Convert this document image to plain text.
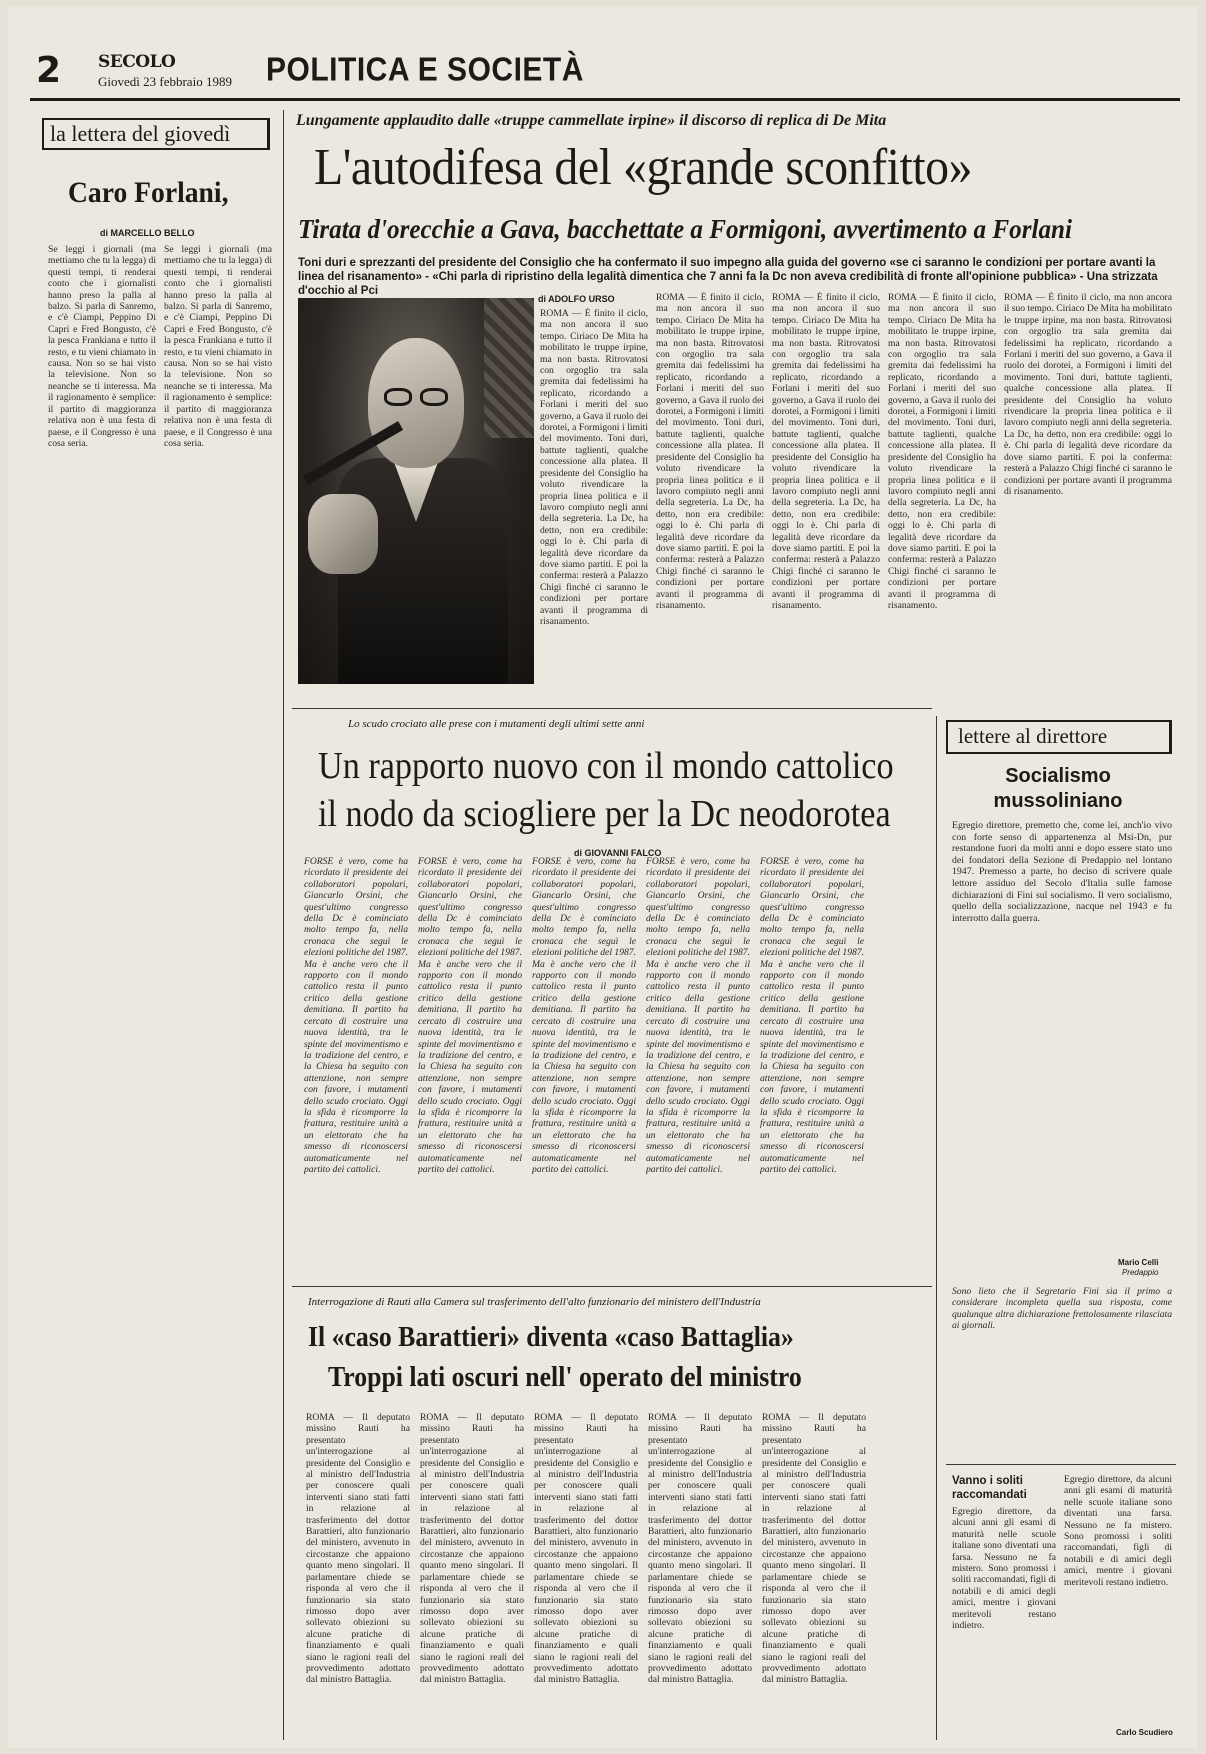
2 SECOLO
Giovedì 23 febbraio 1989 POLITICA E SOCIETÀ
la lettera del giovedì
Caro Forlani,
di MARCELLO BELLO
Se leggi i giornali (ma mettiamo che tu la legga) di questi tempi, ti renderai conto che i giornalisti hanno preso la palla al balzo. Si parla di Sanremo, e c'è Ciampi, Peppino Di Capri e Fred Bongusto, c'è la pesca Frankiana e tutto il resto, e tu vieni chiamato in causa. Non so se hai visto la televisione. Non so neanche se ti interessa. Ma il ragionamento è semplice: il partito di maggioranza relativa non è una festa di paese, e il Congresso è una cosa seria.
Se leggi i giornali (ma mettiamo che tu la legga) di questi tempi, ti renderai conto che i giornalisti hanno preso la palla al balzo. Si parla di Sanremo, e c'è Ciampi, Peppino Di Capri e Fred Bongusto, c'è la pesca Frankiana e tutto il resto, e tu vieni chiamato in causa. Non so se hai visto la televisione. Non so neanche se ti interessa. Ma il ragionamento è semplice: il partito di maggioranza relativa non è una festa di paese, e il Congresso è una cosa seria.
Lungamente applaudito dalle «truppe cammellate irpine» il discorso di replica di De Mita
L'autodifesa del «grande sconfitto»
Tirata d'orecchie a Gava, bacchettate a Formigoni, avvertimento a Forlani
Toni duri e sprezzanti del presidente del Consiglio che ha confermato il suo impegno alla guida del governo «se ci saranno le condizioni per portare avanti la linea del risanamento» - «Chi parla di ripristino della legalità dimentica che 7 anni fa la Dc non aveva credibilità di fronte all'opinione pubblica» - Una strizzata d'occhio al Pci
di ADOLFO URSO
ROMA — È finito il ciclo, ma non ancora il suo tempo. Ciriaco De Mita ha mobilitato le truppe irpine, ma non basta. Ritrovatosi con orgoglio tra sala gremita dai fedelissimi ha replicato, ricordando a Forlani i meriti del suo governo, a Gava il ruolo dei dorotei, a Formigoni i limiti del movimento. Toni duri, battute taglienti, qualche concessione alla platea. Il presidente del Consiglio ha voluto rivendicare la propria linea politica e il lavoro compiuto negli anni della segreteria. La Dc, ha detto, non era credibile: oggi lo è. Chi parla di legalità deve ricordare da dove siamo partiti. E poi la conferma: resterà a Palazzo Chigi finché ci saranno le condizioni per portare avanti il programma di risanamento.
ROMA — È finito il ciclo, ma non ancora il suo tempo. Ciriaco De Mita ha mobilitato le truppe irpine, ma non basta. Ritrovatosi con orgoglio tra sala gremita dai fedelissimi ha replicato, ricordando a Forlani i meriti del suo governo, a Gava il ruolo dei dorotei, a Formigoni i limiti del movimento. Toni duri, battute taglienti, qualche concessione alla platea. Il presidente del Consiglio ha voluto rivendicare la propria linea politica e il lavoro compiuto negli anni della segreteria. La Dc, ha detto, non era credibile: oggi lo è. Chi parla di legalità deve ricordare da dove siamo partiti. E poi la conferma: resterà a Palazzo Chigi finché ci saranno le condizioni per portare avanti il programma di risanamento.
ROMA — È finito il ciclo, ma non ancora il suo tempo. Ciriaco De Mita ha mobilitato le truppe irpine, ma non basta. Ritrovatosi con orgoglio tra sala gremita dai fedelissimi ha replicato, ricordando a Forlani i meriti del suo governo, a Gava il ruolo dei dorotei, a Formigoni i limiti del movimento. Toni duri, battute taglienti, qualche concessione alla platea. Il presidente del Consiglio ha voluto rivendicare la propria linea politica e il lavoro compiuto negli anni della segreteria. La Dc, ha detto, non era credibile: oggi lo è. Chi parla di legalità deve ricordare da dove siamo partiti. E poi la conferma: resterà a Palazzo Chigi finché ci saranno le condizioni per portare avanti il programma di risanamento.
ROMA — È finito il ciclo, ma non ancora il suo tempo. Ciriaco De Mita ha mobilitato le truppe irpine, ma non basta. Ritrovatosi con orgoglio tra sala gremita dai fedelissimi ha replicato, ricordando a Forlani i meriti del suo governo, a Gava il ruolo dei dorotei, a Formigoni i limiti del movimento. Toni duri, battute taglienti, qualche concessione alla platea. Il presidente del Consiglio ha voluto rivendicare la propria linea politica e il lavoro compiuto negli anni della segreteria. La Dc, ha detto, non era credibile: oggi lo è. Chi parla di legalità deve ricordare da dove siamo partiti. E poi la conferma: resterà a Palazzo Chigi finché ci saranno le condizioni per portare avanti il programma di risanamento.
ROMA — È finito il ciclo, ma non ancora il suo tempo. Ciriaco De Mita ha mobilitato le truppe irpine, ma non basta. Ritrovatosi con orgoglio tra sala gremita dai fedelissimi ha replicato, ricordando a Forlani i meriti del suo governo, a Gava il ruolo dei dorotei, a Formigoni i limiti del movimento. Toni duri, battute taglienti, qualche concessione alla platea. Il presidente del Consiglio ha voluto rivendicare la propria linea politica e il lavoro compiuto negli anni della segreteria. La Dc, ha detto, non era credibile: oggi lo è. Chi parla di legalità deve ricordare da dove siamo partiti. E poi la conferma: resterà a Palazzo Chigi finché ci saranno le condizioni per portare avanti il programma di risanamento.
Lo scudo crociato alle prese con i mutamenti degli ultimi sette anni
Un rapporto nuovo con il mondo cattolico
il nodo da sciogliere per la Dc neodorotea
di GIOVANNI FALCO
FORSE è vero, come ha ricordato il presidente dei collaboratori popolari, Giancarlo Orsini, che quest'ultimo congresso della Dc è cominciato molto tempo fa, nella cronaca che seguì le elezioni politiche del 1987. Ma è anche vero che il rapporto con il mondo cattolico resta il punto critico della gestione demitiana. Il partito ha cercato di costruire una nuova identità, tra le spinte del movimentismo e la tradizione del centro, e la Chiesa ha seguito con attenzione, non sempre con favore, i mutamenti dello scudo crociato. Oggi la sfida è ricomporre la frattura, restituire unità a un elettorato che ha smesso di riconoscersi automaticamente nel partito dei cattolici.
FORSE è vero, come ha ricordato il presidente dei collaboratori popolari, Giancarlo Orsini, che quest'ultimo congresso della Dc è cominciato molto tempo fa, nella cronaca che seguì le elezioni politiche del 1987. Ma è anche vero che il rapporto con il mondo cattolico resta il punto critico della gestione demitiana. Il partito ha cercato di costruire una nuova identità, tra le spinte del movimentismo e la tradizione del centro, e la Chiesa ha seguito con attenzione, non sempre con favore, i mutamenti dello scudo crociato. Oggi la sfida è ricomporre la frattura, restituire unità a un elettorato che ha smesso di riconoscersi automaticamente nel partito dei cattolici.
FORSE è vero, come ha ricordato il presidente dei collaboratori popolari, Giancarlo Orsini, che quest'ultimo congresso della Dc è cominciato molto tempo fa, nella cronaca che seguì le elezioni politiche del 1987. Ma è anche vero che il rapporto con il mondo cattolico resta il punto critico della gestione demitiana. Il partito ha cercato di costruire una nuova identità, tra le spinte del movimentismo e la tradizione del centro, e la Chiesa ha seguito con attenzione, non sempre con favore, i mutamenti dello scudo crociato. Oggi la sfida è ricomporre la frattura, restituire unità a un elettorato che ha smesso di riconoscersi automaticamente nel partito dei cattolici.
FORSE è vero, come ha ricordato il presidente dei collaboratori popolari, Giancarlo Orsini, che quest'ultimo congresso della Dc è cominciato molto tempo fa, nella cronaca che seguì le elezioni politiche del 1987. Ma è anche vero che il rapporto con il mondo cattolico resta il punto critico della gestione demitiana. Il partito ha cercato di costruire una nuova identità, tra le spinte del movimentismo e la tradizione del centro, e la Chiesa ha seguito con attenzione, non sempre con favore, i mutamenti dello scudo crociato. Oggi la sfida è ricomporre la frattura, restituire unità a un elettorato che ha smesso di riconoscersi automaticamente nel partito dei cattolici.
FORSE è vero, come ha ricordato il presidente dei collaboratori popolari, Giancarlo Orsini, che quest'ultimo congresso della Dc è cominciato molto tempo fa, nella cronaca che seguì le elezioni politiche del 1987. Ma è anche vero che il rapporto con il mondo cattolico resta il punto critico della gestione demitiana. Il partito ha cercato di costruire una nuova identità, tra le spinte del movimentismo e la tradizione del centro, e la Chiesa ha seguito con attenzione, non sempre con favore, i mutamenti dello scudo crociato. Oggi la sfida è ricomporre la frattura, restituire unità a un elettorato che ha smesso di riconoscersi automaticamente nel partito dei cattolici.
Interrogazione di Rauti alla Camera sul trasferimento dell'alto funzionario del ministero dell'Industria
Il «caso Barattieri» diventa «caso Battaglia»
Troppi lati oscuri nell' operato del ministro
ROMA — Il deputato missino Rauti ha presentato un'interrogazione al presidente del Consiglio e al ministro dell'Industria per conoscere quali interventi siano stati fatti in relazione al trasferimento del dottor Barattieri, alto funzionario del ministero, avvenuto in circostanze che appaiono quanto meno singolari. Il parlamentare chiede se risponda al vero che il funzionario sia stato rimosso dopo aver sollevato obiezioni su alcune pratiche di finanziamento e quali siano le ragioni reali del provvedimento adottato dal ministro Battaglia.
ROMA — Il deputato missino Rauti ha presentato un'interrogazione al presidente del Consiglio e al ministro dell'Industria per conoscere quali interventi siano stati fatti in relazione al trasferimento del dottor Barattieri, alto funzionario del ministero, avvenuto in circostanze che appaiono quanto meno singolari. Il parlamentare chiede se risponda al vero che il funzionario sia stato rimosso dopo aver sollevato obiezioni su alcune pratiche di finanziamento e quali siano le ragioni reali del provvedimento adottato dal ministro Battaglia.
ROMA — Il deputato missino Rauti ha presentato un'interrogazione al presidente del Consiglio e al ministro dell'Industria per conoscere quali interventi siano stati fatti in relazione al trasferimento del dottor Barattieri, alto funzionario del ministero, avvenuto in circostanze che appaiono quanto meno singolari. Il parlamentare chiede se risponda al vero che il funzionario sia stato rimosso dopo aver sollevato obiezioni su alcune pratiche di finanziamento e quali siano le ragioni reali del provvedimento adottato dal ministro Battaglia.
ROMA — Il deputato missino Rauti ha presentato un'interrogazione al presidente del Consiglio e al ministro dell'Industria per conoscere quali interventi siano stati fatti in relazione al trasferimento del dottor Barattieri, alto funzionario del ministero, avvenuto in circostanze che appaiono quanto meno singolari. Il parlamentare chiede se risponda al vero che il funzionario sia stato rimosso dopo aver sollevato obiezioni su alcune pratiche di finanziamento e quali siano le ragioni reali del provvedimento adottato dal ministro Battaglia.
ROMA — Il deputato missino Rauti ha presentato un'interrogazione al presidente del Consiglio e al ministro dell'Industria per conoscere quali interventi siano stati fatti in relazione al trasferimento del dottor Barattieri, alto funzionario del ministero, avvenuto in circostanze che appaiono quanto meno singolari. Il parlamentare chiede se risponda al vero che il funzionario sia stato rimosso dopo aver sollevato obiezioni su alcune pratiche di finanziamento e quali siano le ragioni reali del provvedimento adottato dal ministro Battaglia.
lettere al direttore
Socialismo mussoliniano
Egregio direttore, premetto che, come lei, anch'io vivo con forte senso di appartenenza al Msi-Dn, pur restandone fuori da molti anni e dopo essere stato uno dei fondatori della Sezione di Predappio nel lontano 1947. Premesso a parte, ho deciso di scrivere quale lettore assiduo del Secolo d'Italia sulle famose dichiarazioni di Fini sul socialismo. Il vero socialismo, quello della socializzazione, nacque nel 1943 e fu interrotto dalla guerra.
Mario Celli
Predappio
Sono lieto che il Segretario Fini sia il primo a considerare incompleta quella sua risposta, come qualunque altra dichiarazione frettolosamente rilasciata ai giornali.
Vanno i soliti raccomandati
Egregio direttore, da alcuni anni gli esami di maturità nelle scuole italiane sono diventati una farsa. Nessuno ne fa mistero. Sono promossi i soliti raccomandati, figli di notabili e di amici degli amici, mentre i giovani meritevoli restano indietro.
Egregio direttore, da alcuni anni gli esami di maturità nelle scuole italiane sono diventati una farsa. Nessuno ne fa mistero. Sono promossi i soliti raccomandati, figli di notabili e di amici degli amici, mentre i giovani meritevoli restano indietro.
Carlo Scudiero
